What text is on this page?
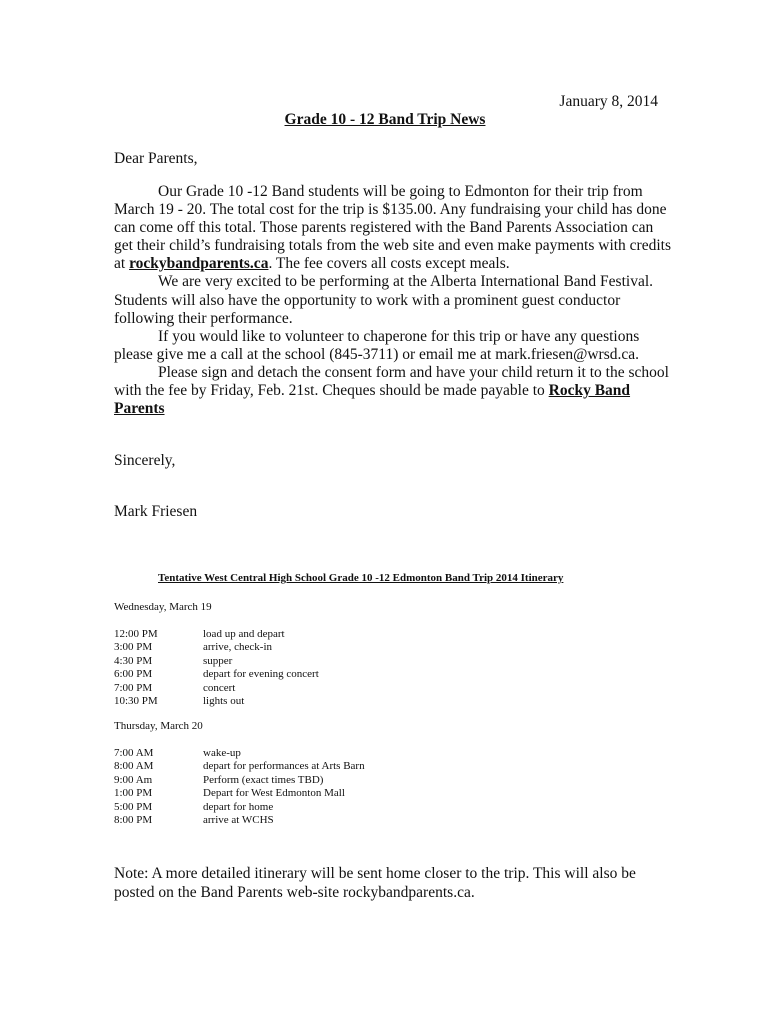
January 8, 2014
Grade 10 - 12 Band Trip News
Dear Parents,
Our Grade 10 -12 Band students will be going to Edmonton for their trip from
March 19 - 20. The total cost for the trip is $135.00. Any fundraising your child has done
can come off this total. Those parents registered with the Band Parents Association can
get their child’s fundraising totals from the web site and even make payments with credits
at rockybandparents.ca. The fee covers all costs except meals.
We are very excited to be performing at the Alberta International Band Festival.
Students will also have the opportunity to work with a prominent guest conductor
following their performance.
If you would like to volunteer to chaperone for this trip or have any questions
please give me a call at the school (845-3711) or email me at mark.friesen@wrsd.ca.
Please sign and detach the consent form and have your child return it to the school
with the fee by Friday, Feb. 21st. Cheques should be made payable to Rocky Band
Parents
Sincerely,
Mark Friesen
Tentative West Central High School Grade 10 -12 Edmonton Band Trip 2014 Itinerary
Wednesday, March 19
12:00 PM	load up and depart
3:00 PM	arrive, check-in
4:30 PM	supper
6:00 PM	depart for evening concert
7:00 PM	concert
10:30 PM	lights out
Thursday, March 20
7:00 AM	wake-up
8:00 AM	depart for performances at Arts Barn
9:00 Am	Perform (exact times TBD)
1:00 PM	Depart for West Edmonton Mall
5:00 PM	depart for home
8:00 PM	arrive at WCHS
Note: A more detailed itinerary will be sent home closer to the trip. This will also be
posted on the Band Parents web-site rockybandparents.ca.
